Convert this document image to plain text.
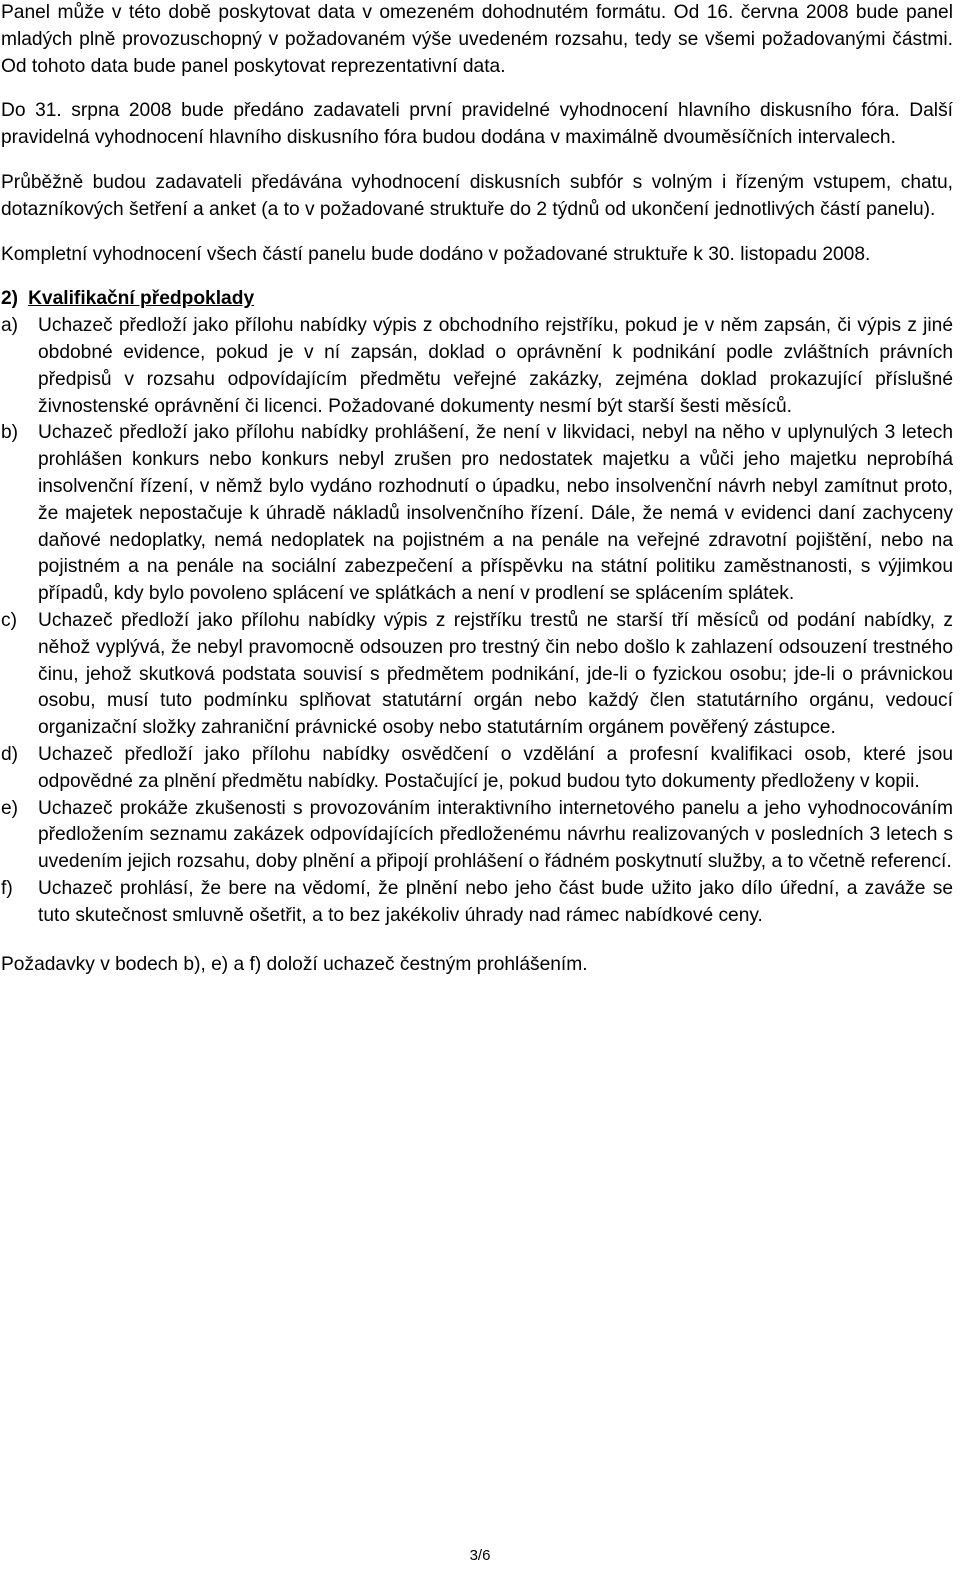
Panel může v této době poskytovat data v omezeném dohodnutém formátu. Od 16. června 2008 bude panel mladých plně provozuschopný v požadovaném výše uvedeném rozsahu, tedy se všemi požadovanými částmi. Od tohoto data bude panel poskytovat reprezentativní data.

Do 31. srpna 2008 bude předáno zadavateli první pravidelné vyhodnocení hlavního diskusního fóra. Další pravidelná vyhodnocení hlavního diskusního fóra budou dodána v maximálně dvouměsíčních intervalech.

Průběžně budou zadavateli předávána vyhodnocení diskusních subfór s volným i řízeným vstupem, chatu, dotazníkových šetření a anket (a to v požadované struktuře do 2 týdnů od ukončení jednotlivých částí panelu).

Kompletní vyhodnocení všech částí panelu bude dodáno v požadované struktuře k 30. listopadu 2008.

2) Kvalifikační předpoklady

a)	Uchazeč předloží jako přílohu nabídky výpis z obchodního rejstříku, pokud je v něm zapsán, či výpis z jiné obdobné evidence, pokud je v ní zapsán, doklad o oprávnění k podnikání podle zvláštních právních předpisů v rozsahu odpovídajícím předmětu veřejné zakázky, zejména doklad prokazující příslušné živnostenské oprávnění či licenci. Požadované dokumenty nesmí být starší šesti měsíců.
b)	Uchazeč předloží jako přílohu nabídky prohlášení, že není v likvidaci, nebyl na něho v uplynulých 3 letech prohlášen konkurs nebo konkurs nebyl zrušen pro nedostatek majetku a vůči jeho majetku neprobíhá insolvenční řízení, v němž bylo vydáno rozhodnutí o úpadku, nebo insolvenční návrh nebyl zamítnut proto, že majetek nepostačuje k úhradě nákladů insolvenčního řízení. Dále, že nemá v evidenci daní zachyceny daňové nedoplatky, nemá nedoplatek na pojistném a na penále na veřejné zdravotní pojištění, nebo na pojistném a na penále na sociální zabezpečení a příspěvku na státní politiku zaměstnanosti, s výjimkou případů, kdy bylo povoleno splácení ve splátkách a není v prodlení se splácením splátek.
c)	Uchazeč předloží jako přílohu nabídky výpis z rejstříku trestů ne starší tří měsíců od podání nabídky, z něhož vyplývá, že nebyl pravomocně odsouzen pro trestný čin nebo došlo k zahlazení odsouzení trestného činu, jehož skutková podstata souvisí s předmětem podnikání, jde-li o fyzickou osobu; jde-li o právnickou osobu, musí tuto podmínku splňovat statutární orgán nebo každý člen statutárního orgánu, vedoucí organizační složky zahraniční právnické osoby nebo statutárním orgánem pověřený zástupce.
d)	Uchazeč předloží jako přílohu nabídky osvědčení o vzdělání a profesní kvalifikaci osob, které jsou odpovědné za plnění předmětu nabídky. Postačující je, pokud budou tyto dokumenty předloženy v kopii.
e)	Uchazeč prokáže zkušenosti s provozováním interaktivního internetového panelu a jeho vyhodnocováním předložením seznamu zakázek odpovídajících předloženému návrhu realizovaných v posledních 3 letech s uvedením jejich rozsahu, doby plnění a připojí prohlášení o řádném poskytnutí služby, a to včetně referencí.
f)	Uchazeč prohlásí, že bere na vědomí, že plnění nebo jeho část bude užito jako dílo úřední, a zaváže se tuto skutečnost smluvně ošetřit, a to bez jakékoliv úhrady nad rámec nabídkové ceny.

Požadavky v bodech b), e) a f) doloží uchazeč čestným prohlášením.

3/6
